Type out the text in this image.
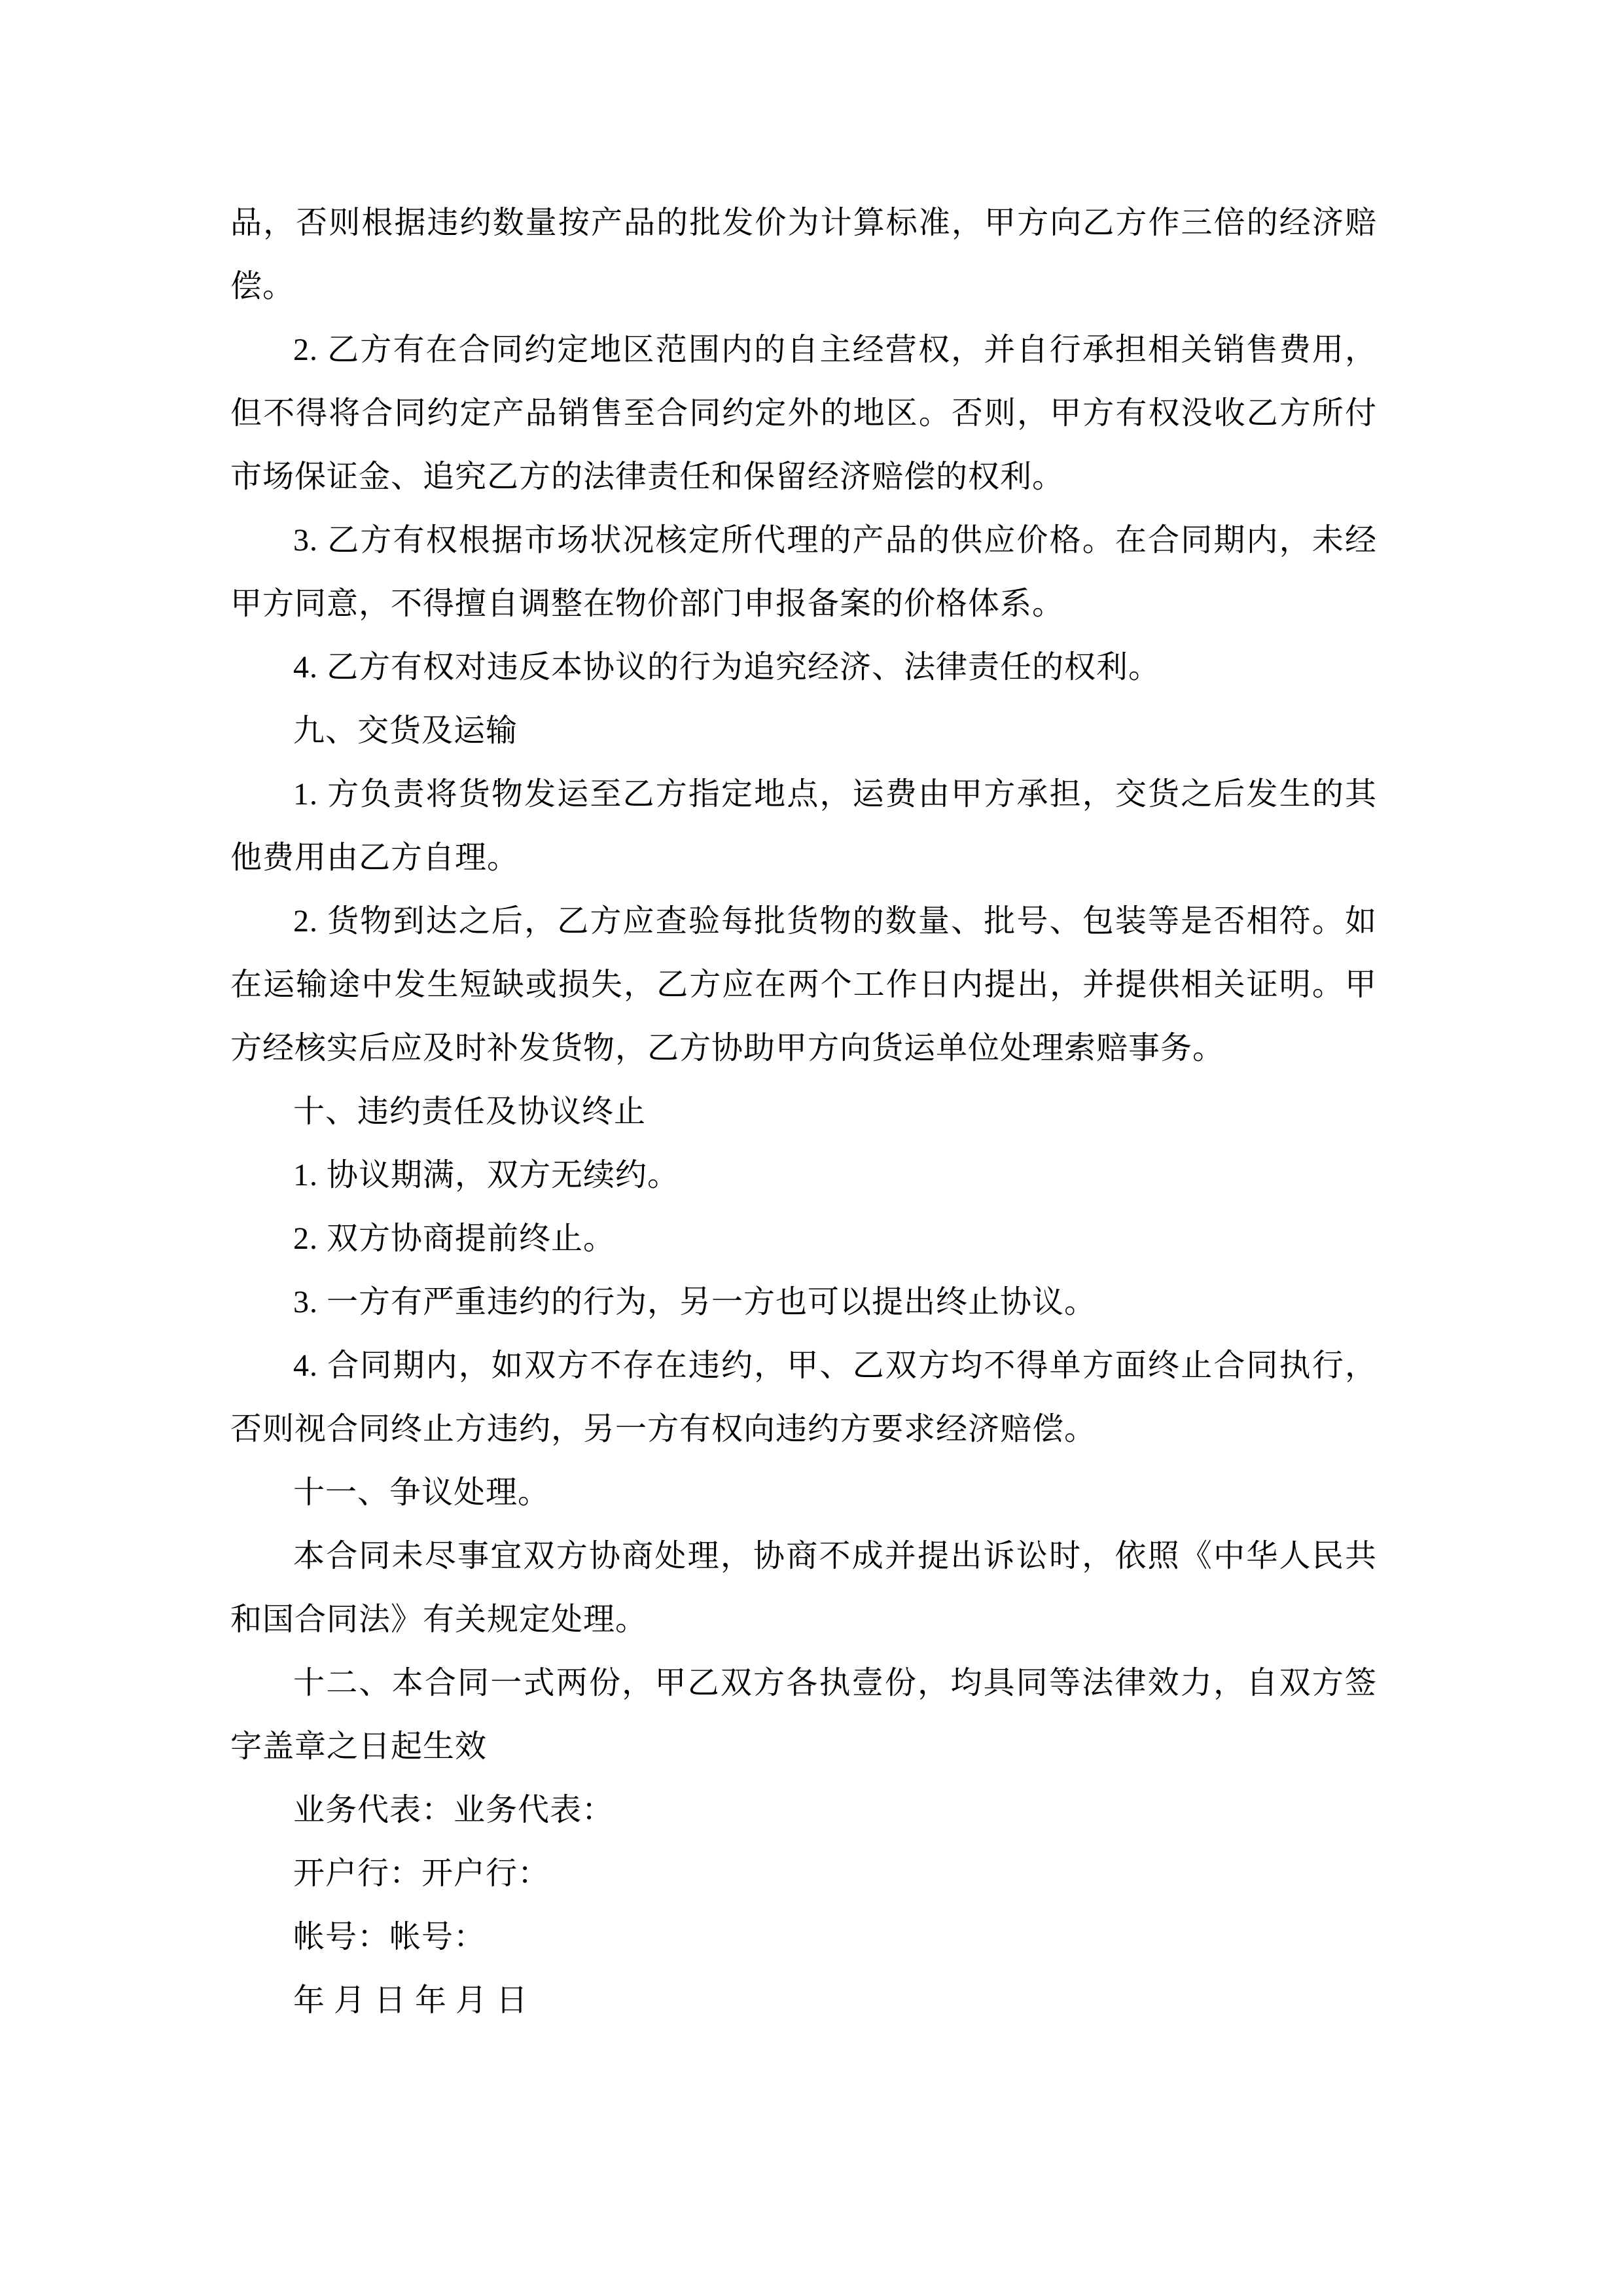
品，否则根据违约数量按产品的批发价为计算标准，甲方向乙方作三倍的经济赔偿。

2. 乙方有在合同约定地区范围内的自主经营权，并自行承担相关销售费用，但不得将合同约定产品销售至合同约定外的地区。否则，甲方有权没收乙方所付市场保证金、追究乙方的法律责任和保留经济赔偿的权利。

3. 乙方有权根据市场状况核定所代理的产品的供应价格。在合同期内，未经甲方同意，不得擅自调整在物价部门申报备案的价格体系。

4. 乙方有权对违反本协议的行为追究经济、法律责任的权利。

九、交货及运输

1. 方负责将货物发运至乙方指定地点，运费由甲方承担，交货之后发生的其他费用由乙方自理。

2. 货物到达之后，乙方应查验每批货物的数量、批号、包装等是否相符。如在运输途中发生短缺或损失，乙方应在两个工作日内提出，并提供相关证明。甲方经核实后应及时补发货物，乙方协助甲方向货运单位处理索赔事务。

十、违约责任及协议终止

1. 协议期满，双方无续约。

2. 双方协商提前终止。

3. 一方有严重违约的行为，另一方也可以提出终止协议。

4. 合同期内，如双方不存在违约，甲、乙双方均不得单方面终止合同执行，否则视合同终止方违约，另一方有权向违约方要求经济赔偿。

十一、争议处理。

本合同未尽事宜双方协商处理，协商不成并提出诉讼时，依照《中华人民共和国合同法》有关规定处理。

十二、本合同一式两份，甲乙双方各执壹份，均具同等法律效力，自双方签字盖章之日起生效

业务代表：业务代表：

开户行：开户行：

帐号：帐号：

年 月 日 年 月 日
